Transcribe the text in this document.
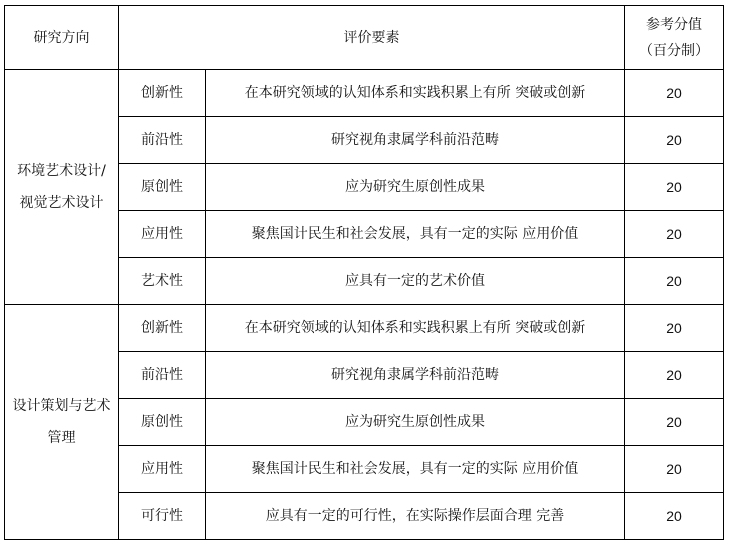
研究方向	评价要素		参考分值
（百分制）

环境艺术设计/
视觉艺术设计	创新性	在本研究领域的认知体系和实践积累上有所 突破或创新	20
	前沿性	研究视角隶属学科前沿范畴	20
	原创性	应为研究生原创性成果	20
	应用性	聚焦国计民生和社会发展，具有一定的实际 应用价值	20
	艺术性	应具有一定的艺术价值	20

设计策划与艺术
管理	创新性	在本研究领域的认知体系和实践积累上有所 突破或创新	20
	前沿性	研究视角隶属学科前沿范畴	20
	原创性	应为研究生原创性成果	20
	应用性	聚焦国计民生和社会发展，具有一定的实际 应用价值	20
	可行性	应具有一定的可行性，在实际操作层面合理 完善	20
